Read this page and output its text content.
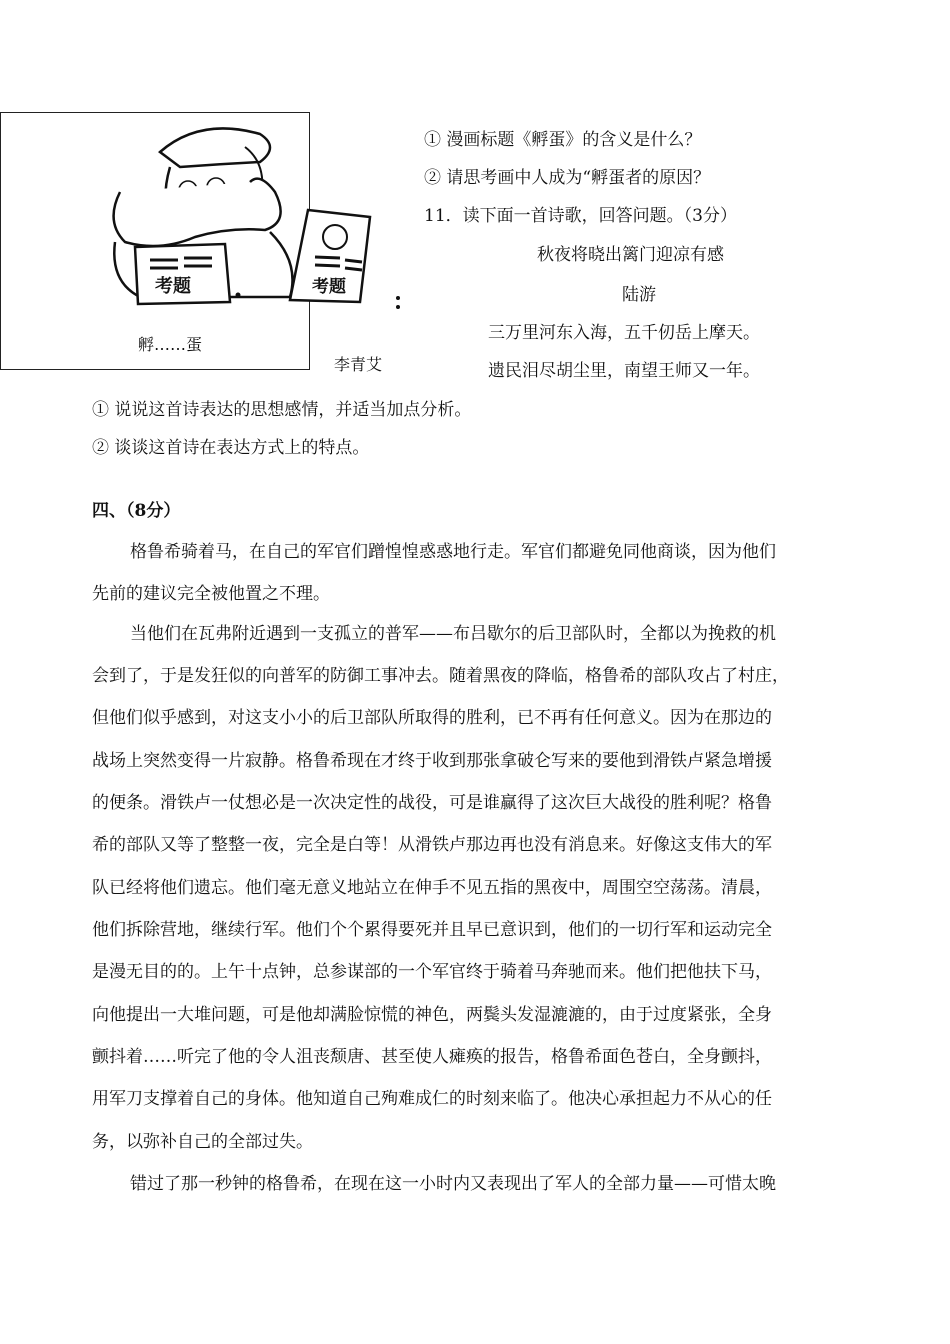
考题	考题
孵……蛋
李青艾
① 漫画标题《孵蛋》的含义是什么？
② 请思考画中人成为“孵蛋者的原因？
11．读下面一首诗歌，回答问题。（3分）
秋夜将晓出篱门迎凉有感
陆游
三万里河东入海，五千仞岳上摩天。
遗民泪尽胡尘里，南望王师又一年。
① 说说这首诗表达的思想感情，并适当加点分析。
② 谈谈这首诗在表达方式上的特点。
四、（8分）
格鲁希骑着马，在自己的军官们蹭惶惶惑惑地行走。军官们都避免同他商谈，因为他们
先前的建议完全被他置之不理。
当他们在瓦弗附近遇到一支孤立的普军——布吕歇尔的后卫部队时，全都以为挽救的机
会到了，于是发狂似的向普军的防御工事冲去。随着黑夜的降临，格鲁希的部队攻占了村庄，
但他们似乎感到，对这支小小的后卫部队所取得的胜利，已不再有任何意义。因为在那边的
战场上突然变得一片寂静。格鲁希现在才终于收到那张拿破仑写来的要他到滑铁卢紧急增援
的便条。滑铁卢一仗想必是一次决定性的战役，可是谁赢得了这次巨大战役的胜利呢？格鲁
希的部队又等了整整一夜，完全是白等！从滑铁卢那边再也没有消息来。好像这支伟大的军
队已经将他们遗忘。他们毫无意义地站立在伸手不见五指的黑夜中，周围空空荡荡。清晨，
他们拆除营地，继续行军。他们个个累得要死并且早已意识到，他们的一切行军和运动完全
是漫无目的的。上午十点钟，总参谋部的一个军官终于骑着马奔驰而来。他们把他扶下马，
向他提出一大堆问题，可是他却满脸惊慌的神色，两鬓头发湿漉漉的，由于过度紧张，全身
颤抖着……听完了他的令人沮丧颓唐、甚至使人瘫痪的报告，格鲁希面色苍白，全身颤抖，
用军刀支撑着自己的身体。他知道自己殉难成仁的时刻来临了。他决心承担起力不从心的任
务，以弥补自己的全部过失。
错过了那一秒钟的格鲁希，在现在这一小时内又表现出了军人的全部力量——可惜太晚
